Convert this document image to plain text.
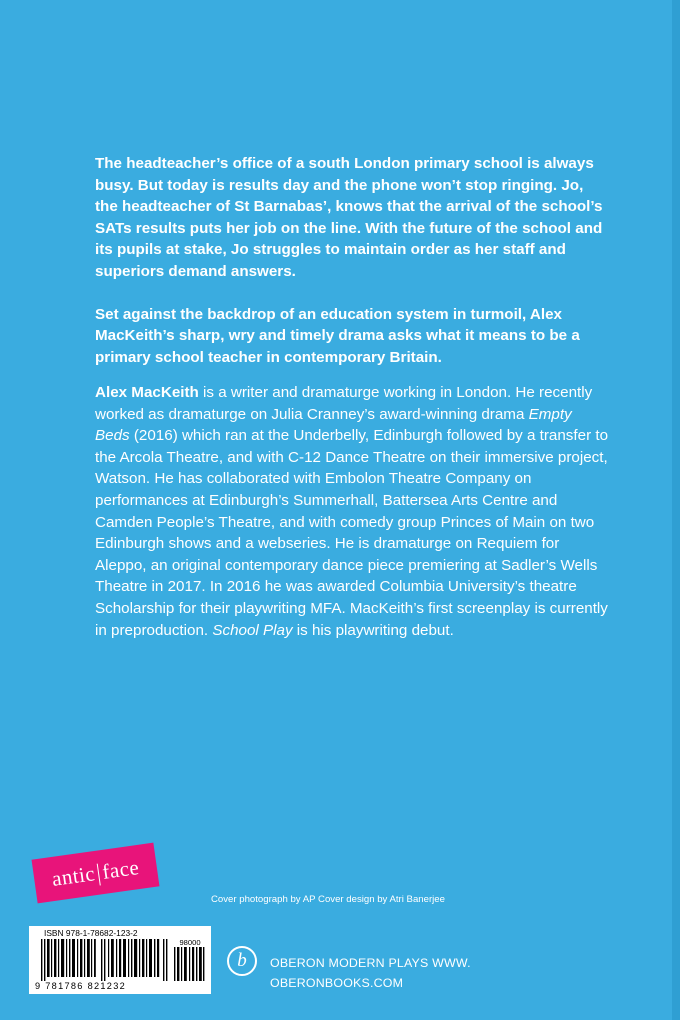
The headteacher’s office of a south London primary school is always busy. But today is results day and the phone won’t stop ringing. Jo, the headteacher of St Barnabas’, knows that the arrival of the school’s SATs results puts her job on the line. With the future of the school and its pupils at stake, Jo struggles to maintain order as her staff and superiors demand answers.

Set against the backdrop of an education system in turmoil, Alex MacKeith’s sharp, wry and timely drama asks what it means to be a primary school teacher in contemporary Britain.

Alex MacKeith is a writer and dramaturge working in London. He recently worked as dramaturge on Julia Cranney’s award-winning drama Empty Beds (2016) which ran at the Underbelly, Edinburgh followed by a transfer to the Arcola Theatre, and with C-12 Dance Theatre on their immersive project, Watson. He has collaborated with Embolon Theatre Company on performances at Edinburgh’s Summerhall, Battersea Arts Centre and Camden People’s Theatre, and with comedy group Princes of Main on two Edinburgh shows and a webseries. He is dramaturge on Requiem for Aleppo, an original contemporary dance piece premiering at Sadler’s Wells Theatre in 2017. In 2016 he was awarded Columbia University’s theatre Scholarship for their playwriting MFA. MacKeith’s first screenplay is currently in preproduction. School Play is his playwriting debut.
antic face
Cover photograph by AP Cover design by Atri Banerjee
ISBN 978-1-78682-123-2
98000
9 781786 821232
b	OBERON MODERN PLAYS WWW.
OBERONBOOKS.COM
